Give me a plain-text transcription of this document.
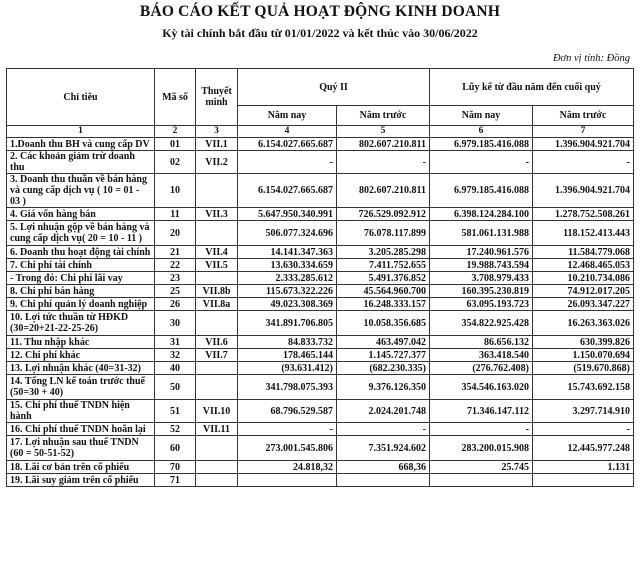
BÁO CÁO KẾT QUẢ HOẠT ĐỘNG KINH DOANH
Kỳ tài chính bắt đầu từ 01/01/2022 và kết thúc vào 30/06/2022
Đơn vị tính: Đồng
Chỉ tiêu	Mã số	Thuyết minh	Quý II		Lũy kế từ đầu năm đến cuối quý	
			Năm nay	Năm trước	Năm nay	Năm trước
1	2	3	4	5	6	7
1.Doanh thu BH và cung cấp DV	01	VII.1	6.154.027.665.687	802.607.210.811	6.979.185.416.088	1.396.904.921.704
2. Các khoản giảm trừ doanh thu	02	VII.2	-	-	-	-
3. Doanh thu thuần về bán hàng và cung cấp dịch vụ ( 10 = 01 - 03 )	10		6.154.027.665.687	802.607.210.811	6.979.185.416.088	1.396.904.921.704
4. Giá vốn hàng bán	11	VII.3	5.647.950.340.991	726.529.092.912	6.398.124.284.100	1.278.752.508.261
5. Lợi nhuận gộp về bán hàng và cung cấp dịch vụ( 20 = 10 - 11 )	20		506.077.324.696	76.078.117.899	581.061.131.988	118.152.413.443
6. Doanh thu hoạt động tài chính	21	VII.4	14.141.347.363	3.205.285.298	17.240.961.576	11.584.779.068
7. Chi phí tài chính	22	VII.5	13.630.334.659	7.411.752.655	19.988.743.594	12.468.465.053
- Trong đó: Chi phí lãi vay	23		2.333.285.612	5.491.376.852	3.708.979.433	10.210.734.086
8. Chi phí bán hàng	25	VII.8b	115.673.322.226	45.564.960.700	160.395.230.819	74.912.017.205
9. Chi phí quản lý doanh nghiệp	26	VII.8a	49.023.308.369	16.248.333.157	63.095.193.723	26.093.347.227
10. Lợi tức thuần từ HĐKD (30=20+21-22-25-26)	30		341.891.706.805	10.058.356.685	354.822.925.428	16.263.363.026
11. Thu nhập khác	31	VII.6	84.833.732	463.497.042	86.656.132	630.399.826
12. Chi phí khác	32	VII.7	178.465.144	1.145.727.377	363.418.540	1.150.070.694
13. Lợi nhuận khác (40=31-32)	40		(93.631.412)	(682.230.335)	(276.762.408)	(519.670.868)
14. Tổng LN kế toán trước thuế (50=30 + 40)	50		341.798.075.393	9.376.126.350	354.546.163.020	15.743.692.158
15. Chi phí thuế TNDN hiện hành	51	VII.10	68.796.529.587	2.024.201.748	71.346.147.112	3.297.714.910
16. Chi phí thuế TNDN hoãn lại	52	VII.11	-	-	-	-
17. Lợi nhuận sau thuế TNDN (60 = 50-51-52)	60		273.001.545.806	7.351.924.602	283.200.015.908	12.445.977.248
18. Lãi cơ bản trên cổ phiếu	70		24.818,32	668,36	25.745	1.131
19. Lãi suy giảm trên cổ phiếu	71					
